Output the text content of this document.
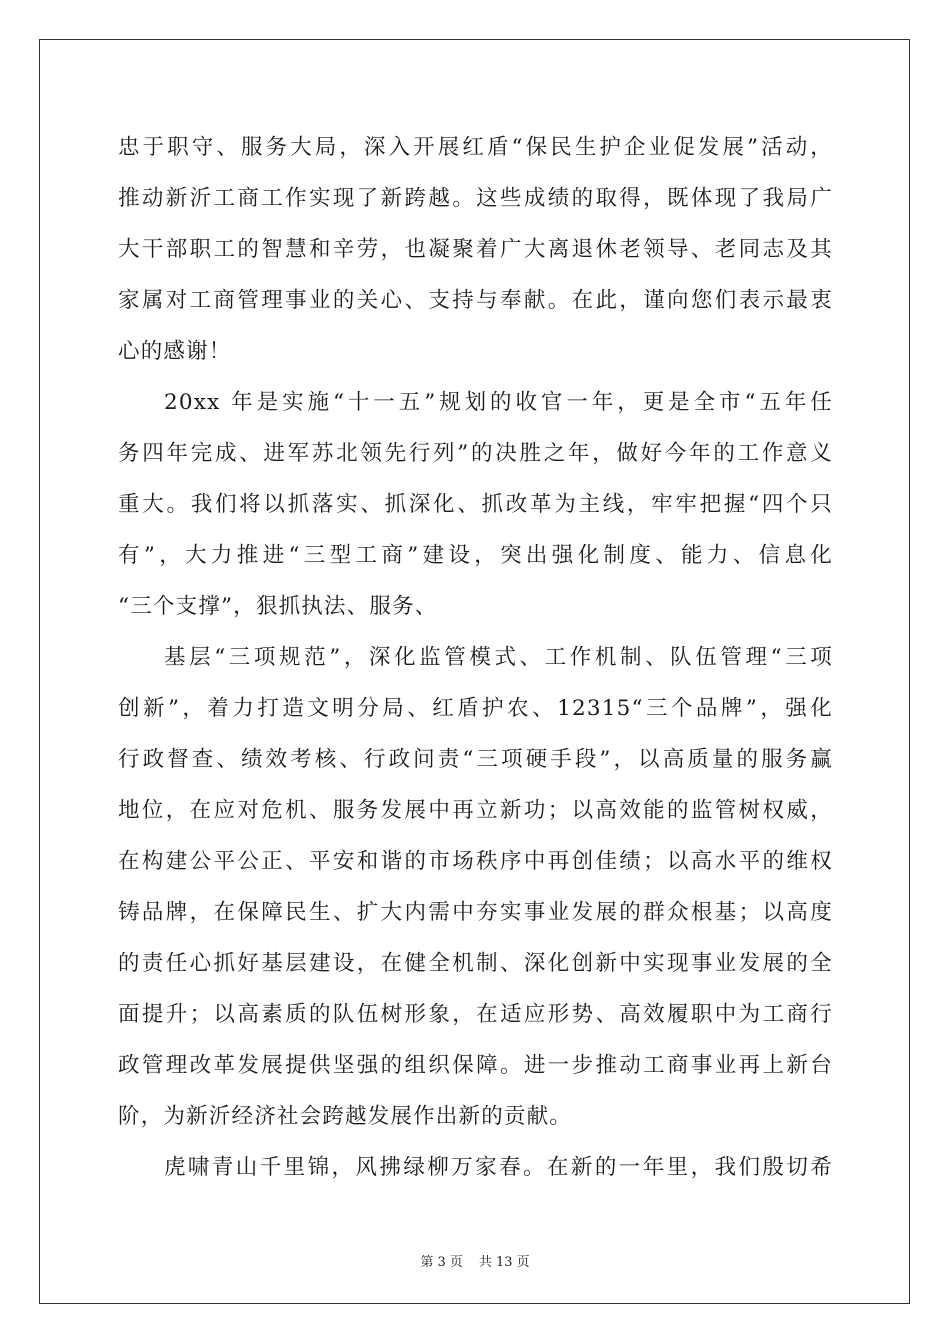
忠于职守、服务大局，深入开展红盾“保民生护企业促发展”活动，
推动新沂工商工作实现了新跨越。这些成绩的取得，既体现了我局广
大干部职工的智慧和辛劳，也凝聚着广大离退休老领导、老同志及其
家属对工商管理事业的关心、支持与奉献。在此，谨向您们表示最衷
心的感谢！
20xx 年是实施“十一五”规划的收官一年，更是全市“五年任
务四年完成、进军苏北领先行列”的决胜之年，做好今年的工作意义
重大。我们将以抓落实、抓深化、抓改革为主线，牢牢把握“四个只
有”，大力推进“三型工商”建设，突出强化制度、能力、信息化
“三个支撑”，狠抓执法、服务、
基层“三项规范”，深化监管模式、工作机制、队伍管理“三项
创新”，着力打造文明分局、红盾护农、12315“三个品牌”，强化
行政督查、绩效考核、行政问责“三项硬手段”，以高质量的服务赢
地位，在应对危机、服务发展中再立新功；以高效能的监管树权威，
在构建公平公正、平安和谐的市场秩序中再创佳绩；以高水平的维权
铸品牌，在保障民生、扩大内需中夯实事业发展的群众根基；以高度
的责任心抓好基层建设，在健全机制、深化创新中实现事业发展的全
面提升；以高素质的队伍树形象，在适应形势、高效履职中为工商行
政管理改革发展提供坚强的组织保障。进一步推动工商事业再上新台
阶，为新沂经济社会跨越发展作出新的贡献。
虎啸青山千里锦，风拂绿柳万家春。在新的一年里，我们殷切希
第 3 页 共 13 页
